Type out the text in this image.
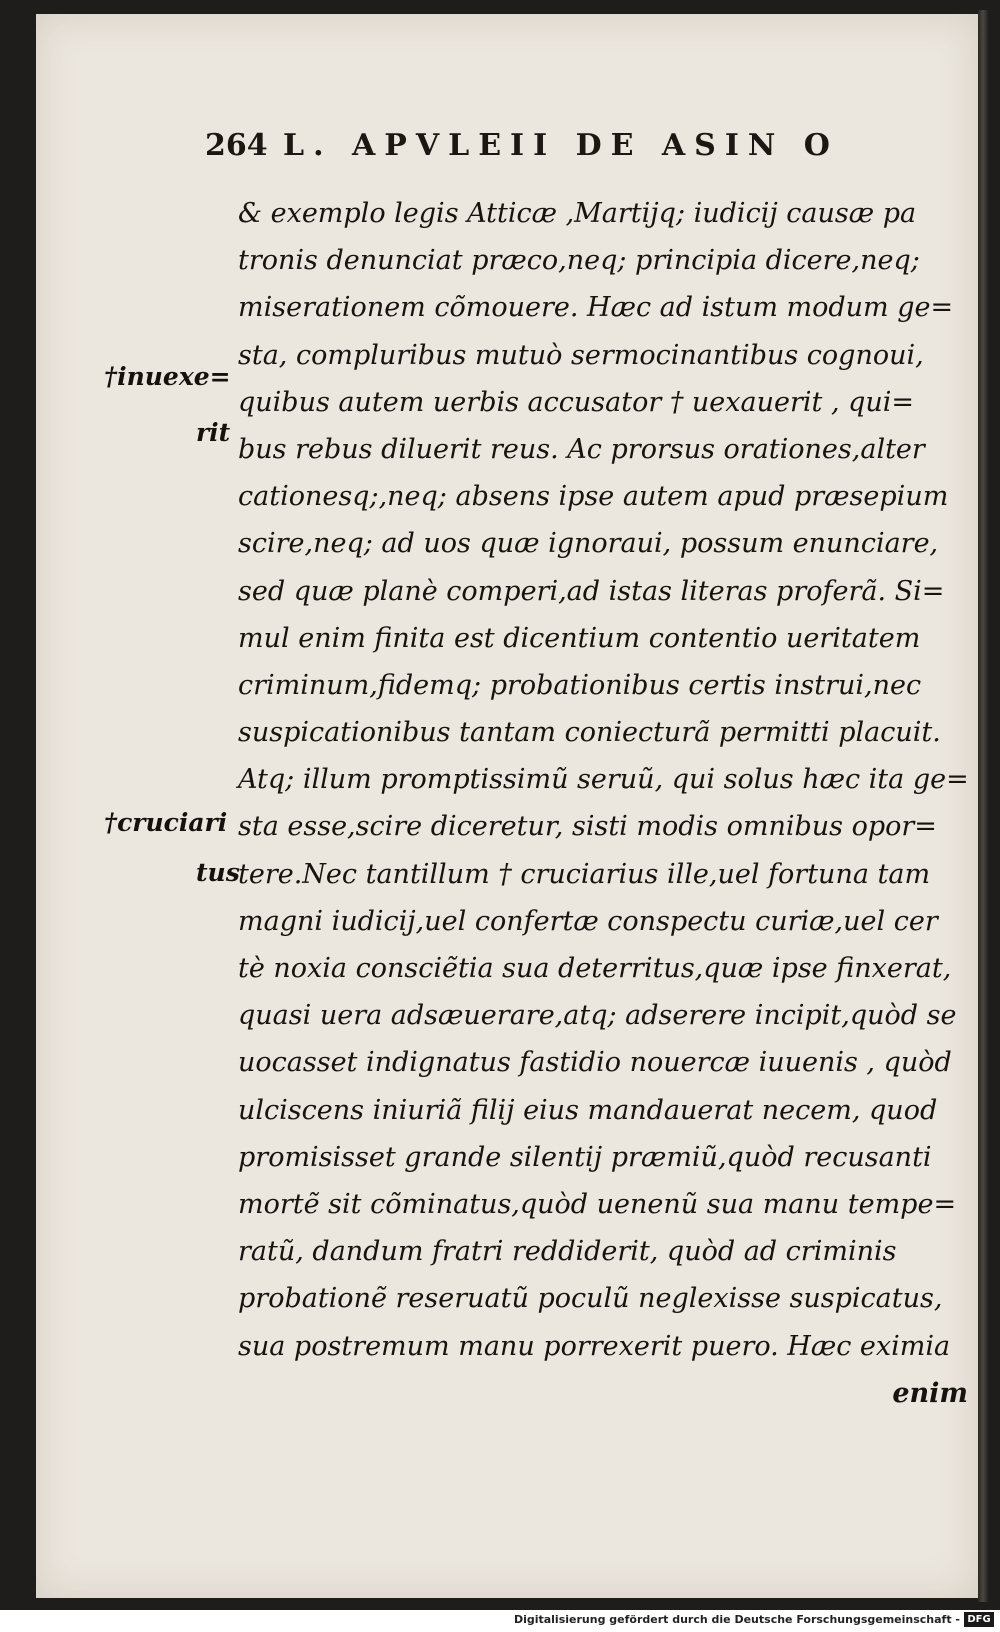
264 L. APVLEII DE ASIN O
& exemplo legis Atticæ ,Martijq; iudicij causæ pa
tronis denunciat præco,neq; principia dicere,neq;
miserationem cõmouere. Hæc ad istum modum ge=
sta, compluribus mutuò sermocinantibus cognoui,
quibus autem uerbis accusator † uexauerit , qui=
bus rebus diluerit reus. Ac prorsus orationes,alter
cationesq;,neq; absens ipse autem apud præsepium
scire,neq; ad uos quæ ignoraui, possum enunciare,
sed quæ planè comperi,ad istas literas proferã. Si=
mul enim finita est dicentium contentio ueritatem
criminum,fidemq; probationibus certis instrui,nec
suspicationibus tantam coniecturã permitti placuit.
Atq; illum promptissimũ seruũ, qui solus hæc ita ge=
sta esse,scire diceretur, sisti modis omnibus opor=
tere.Nec tantillum † cruciarius ille,uel fortuna tam
magni iudicij,uel confertæ conspectu curiæ,uel cer
tè noxia consciẽtia sua deterritus,quæ ipse finxerat,
quasi uera adsæuerare,atq; adserere incipit,quòd se
uocasset indignatus fastidio nouercæ iuuenis , quòd
ulciscens iniuriã filij eius mandauerat necem, quod
promisisset grande silentij præmiũ,quòd recusanti
mortẽ sit cõminatus,quòd uenenũ sua manu tempe=
ratũ, dandum fratri reddiderit, quòd ad criminis
probationẽ reseruatũ poculũ neglexisse suspicatus,
sua postremum manu porrexerit puero. Hæc eximia
enim
†inuexe=
rit
†cruciari
tus
Digitalisierung gefördert durch die Deutsche Forschungsgemeinschaft - DFG
